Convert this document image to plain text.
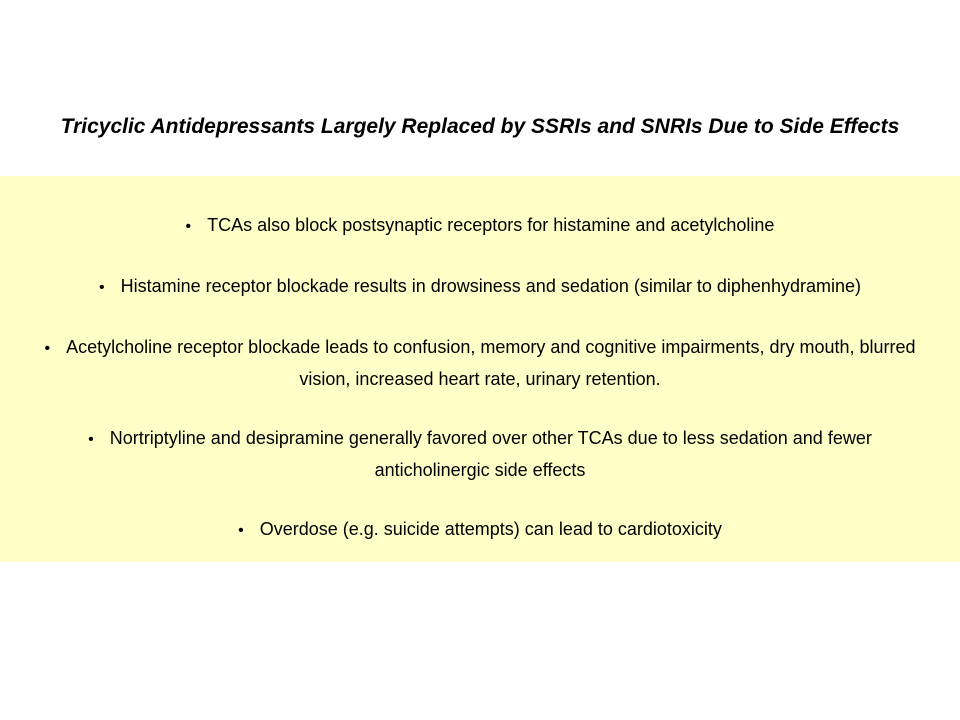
Tricyclic Antidepressants Largely Replaced by SSRIs and SNRIs Due to Side Effects
• TCAs also block postsynaptic receptors for histamine and acetylcholine
• Histamine receptor blockade results in drowsiness and sedation (similar to diphenhydramine)
• Acetylcholine receptor blockade leads to confusion, memory and cognitive impairments, dry mouth, blurred vision, increased heart rate, urinary retention.
• Nortriptyline and desipramine generally favored over other TCAs due to less sedation and fewer anticholinergic side effects
• Overdose (e.g. suicide attempts) can lead to cardiotoxicity
